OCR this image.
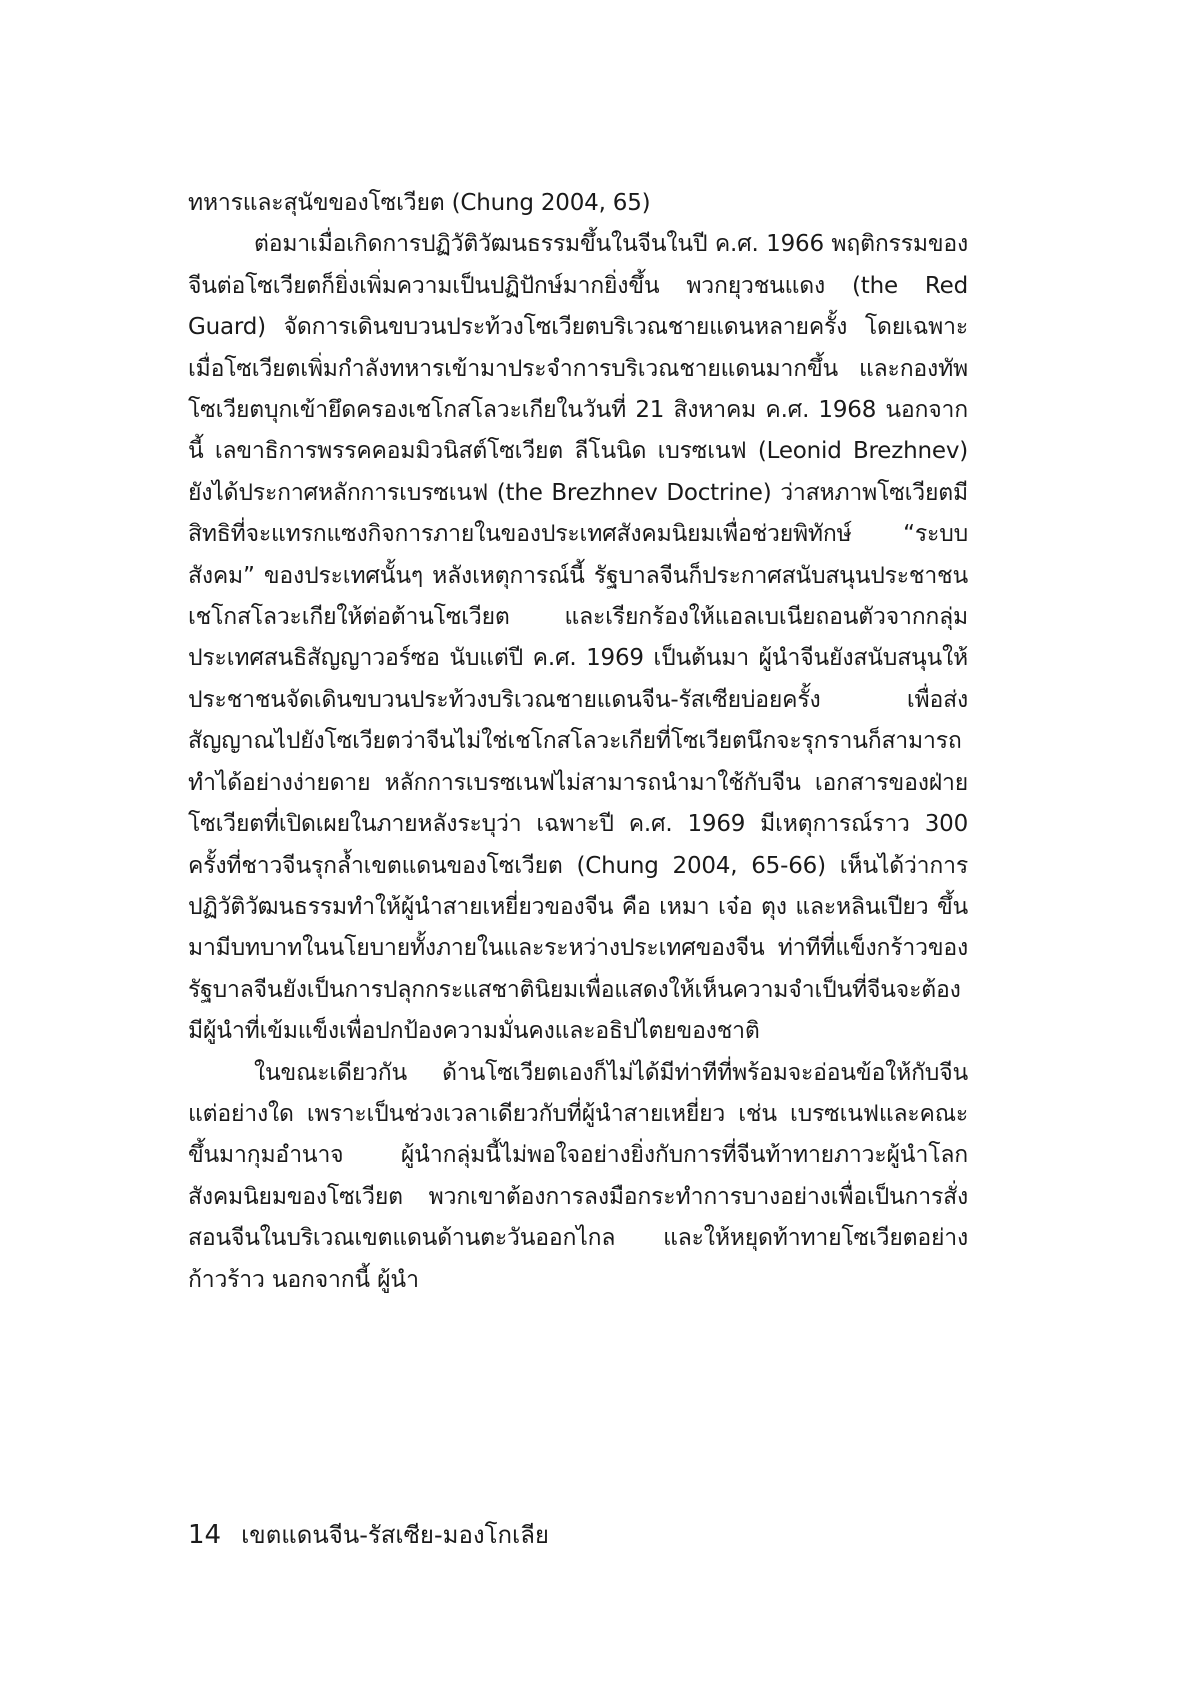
ทหารและสุนัขของโซเวียต (Chung 2004, 65)

ต่อมาเมื่อเกิดการปฏิวัติวัฒนธรรมขึ้นในจีนในปี ค.ศ. 1966 พฤติกรรมของจีนต่อโซเวียตก็ยิ่งเพิ่มความเป็นปฏิปักษ์มากยิ่งขึ้น พวกยุวชนแดง (the Red Guard) จัดการเดินขบวนประท้วงโซเวียตบริเวณชายแดนหลายครั้ง โดยเฉพาะเมื่อโซเวียตเพิ่มกำลังทหารเข้ามาประจำการบริเวณชายแดนมากขึ้น และกองทัพโซเวียตบุกเข้ายึดครองเชโกสโลวะเกียในวันที่ 21 สิงหาคม ค.ศ. 1968 นอกจากนี้ เลขาธิการพรรคคอมมิวนิสต์โซเวียต ลีโนนิด เบรซเนฟ (Leonid Brezhnev) ยังได้ประกาศหลักการเบรซเนฟ (the Brezhnev Doctrine) ว่าสหภาพโซเวียตมีสิทธิที่จะแทรกแซงกิจการภายในของประเทศสังคมนิยมเพื่อช่วยพิทักษ์ “ระบบสังคม” ของประเทศนั้นๆ หลังเหตุการณ์นี้ รัฐบาลจีนก็ประกาศสนับสนุนประชาชนเชโกสโลวะเกียให้ต่อต้านโซเวียต และเรียกร้องให้แอลเบเนียถอนตัวจากกลุ่มประเทศสนธิสัญญาวอร์ซอ นับแต่ปี ค.ศ. 1969 เป็นต้นมา ผู้นำจีนยังสนับสนุนให้ประชาชนจัดเดินขบวนประท้วงบริเวณชายแดนจีน-รัสเซียบ่อยครั้ง เพื่อส่งสัญญาณไปยังโซเวียตว่าจีนไม่ใช่เชโกสโลวะเกียที่โซเวียตนึกจะรุกรานก็สามารถทำได้อย่างง่ายดาย หลักการเบรซเนฟไม่สามารถนำมาใช้กับจีน เอกสารของฝ่ายโซเวียตที่เปิดเผยในภายหลังระบุว่า เฉพาะปี ค.ศ. 1969 มีเหตุการณ์ราว 300 ครั้งที่ชาวจีนรุกล้ำเขตแดนของโซเวียต (Chung 2004, 65-66) เห็นได้ว่าการปฏิวัติวัฒนธรรมทำให้ผู้นำสายเหยี่ยวของจีน คือ เหมา เจ๋อ ตุง และหลินเปียว ขึ้นมามีบทบาทในนโยบายทั้งภายในและระหว่างประเทศของจีน ท่าทีที่แข็งกร้าวของรัฐบาลจีนยังเป็นการปลุกกระแสชาตินิยมเพื่อแสดงให้เห็นความจำเป็นที่จีนจะต้องมีผู้นำที่เข้มแข็งเพื่อปกป้องความมั่นคงและอธิปไตยของชาติ

ในขณะเดียวกัน ด้านโซเวียตเองก็ไม่ได้มีท่าทีที่พร้อมจะอ่อนข้อให้กับจีนแต่อย่างใด เพราะเป็นช่วงเวลาเดียวกับที่ผู้นำสายเหยี่ยว เช่น เบรซเนฟและคณะขึ้นมากุมอำนาจ ผู้นำกลุ่มนี้ไม่พอใจอย่างยิ่งกับการที่จีนท้าทายภาวะผู้นำโลกสังคมนิยมของโซเวียต พวกเขาต้องการลงมือกระทำการบางอย่างเพื่อเป็นการสั่งสอนจีนในบริเวณเขตแดนด้านตะวันออกไกล และให้หยุดท้าทายโซเวียตอย่างก้าวร้าว นอกจากนี้ ผู้นำ

14 เขตแดนจีน-รัสเซีย-มองโกเลีย
